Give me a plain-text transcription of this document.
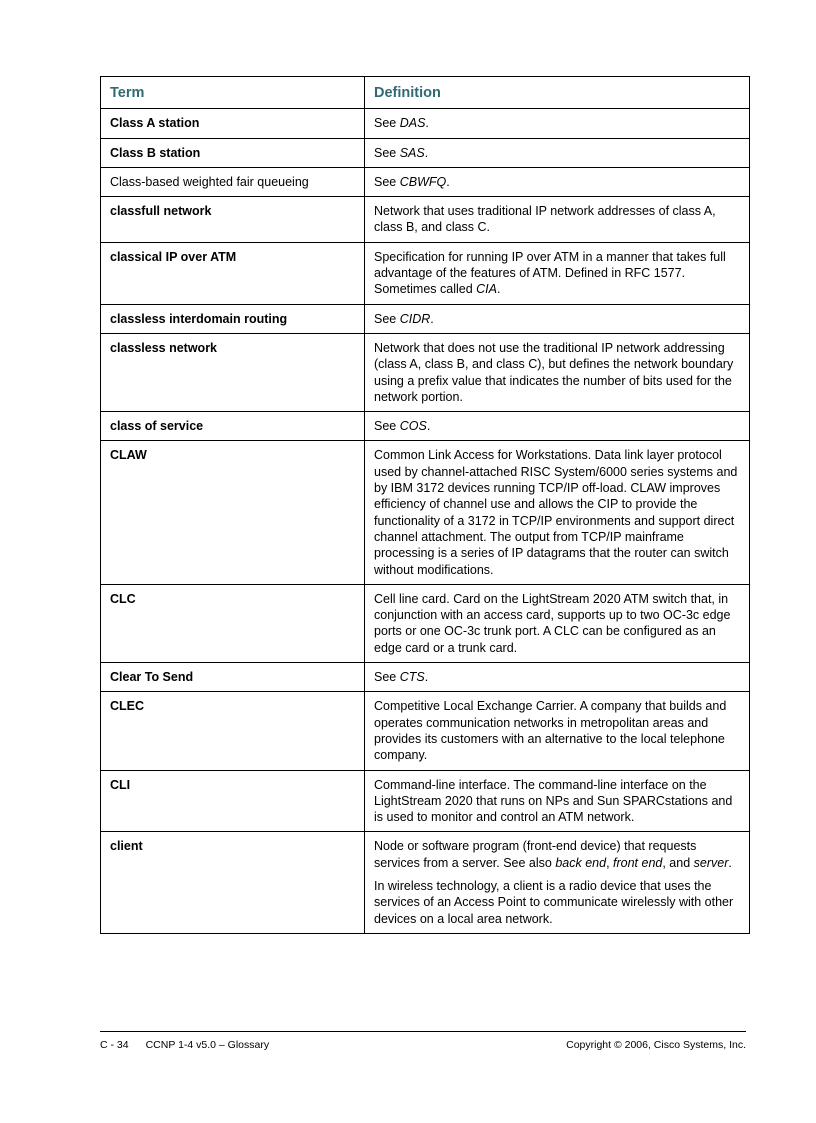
Term	Definition
Class A station	See DAS.

Class B station	See SAS.

Class-based weighted fair queueing	See CBWFQ.

classfull network	Network that uses traditional IP network addresses of class A, class B, and class C.

classical IP over ATM	Specification for running IP over ATM in a manner that takes full advantage of the features of ATM. Defined in RFC 1577. Sometimes called CIA.

classless interdomain routing	See CIDR.

classless network	Network that does not use the traditional IP network addressing (class A, class B, and class C), but defines the network boundary using a prefix value that indicates the number of bits used for the network portion.

class of service	See COS.

CLAW	Common Link Access for Workstations. Data link layer protocol used by channel-attached RISC System/6000 series systems and by IBM 3172 devices running TCP/IP off-load. CLAW improves efficiency of channel use and allows the CIP to provide the functionality of a 3172 in TCP/IP environments and support direct channel attachment. The output from TCP/IP mainframe processing is a series of IP datagrams that the router can switch without modifications.

CLC	Cell line card. Card on the LightStream 2020 ATM switch that, in conjunction with an access card, supports up to two OC-3c edge ports or one OC-3c trunk port. A CLC can be configured as an edge card or a trunk card.

Clear To Send	See CTS.

CLEC	Competitive Local Exchange Carrier. A company that builds and operates communication networks in metropolitan areas and provides its customers with an alternative to the local telephone company.

CLI	Command-line interface. The command-line interface on the LightStream 2020 that runs on NPs and Sun SPARCstations and is used to monitor and control an ATM network.

client	Node or software program (front-end device) that requests services from a server. See also back end, front end, and server.

In wireless technology, a client is a radio device that uses the services of an Access Point to communicate wirelessly with other devices on a local area network.

C - 34 CCNP 1-4 v5.0 – Glossary	Copyright © 2006, Cisco Systems, Inc.
